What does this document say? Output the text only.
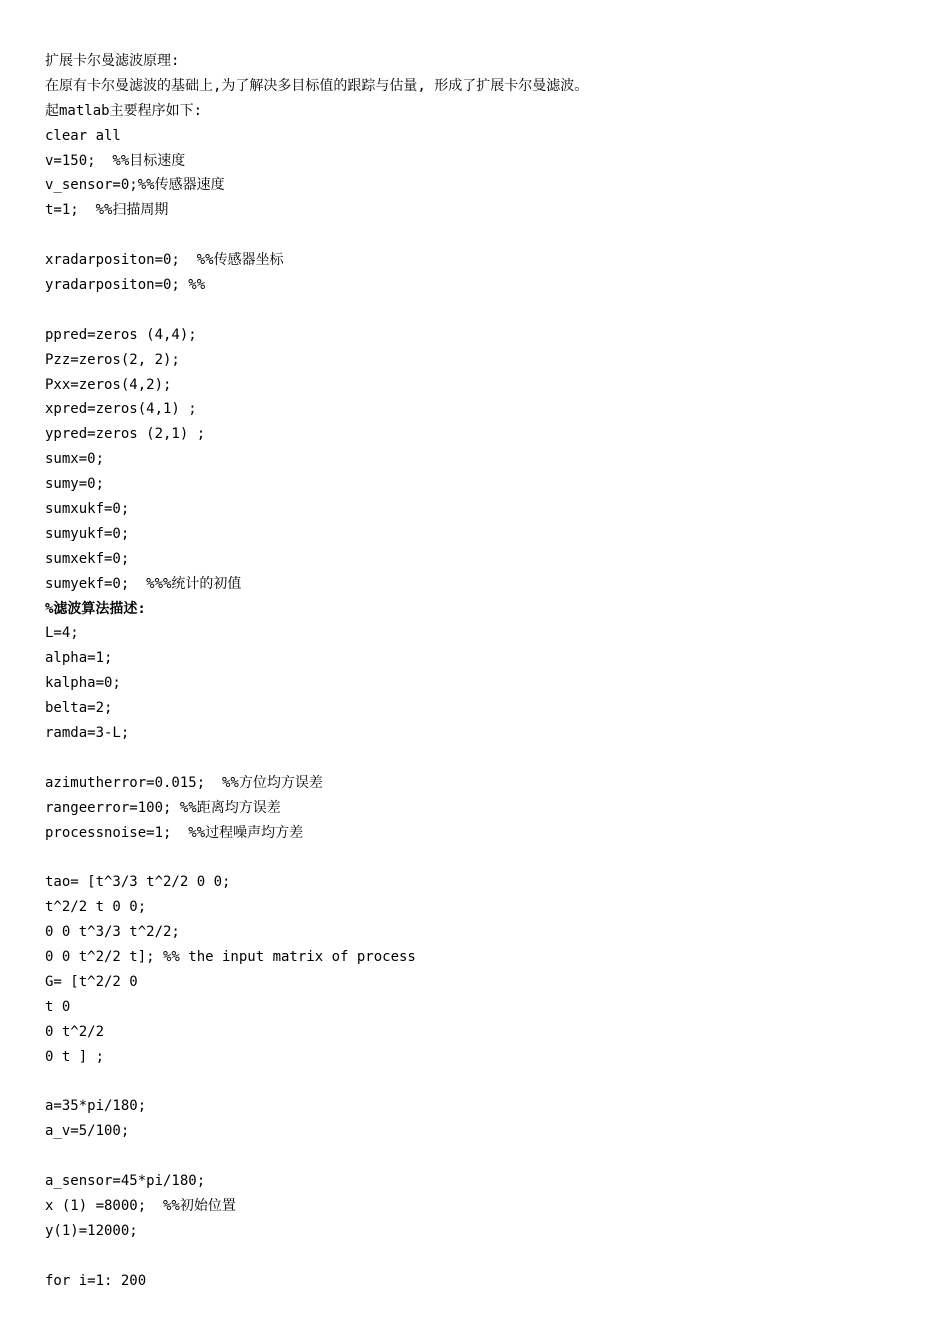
扩展卡尔曼滤波原理:
在原有卡尔曼滤波的基础上,为了解决多目标值的跟踪与估量, 形成了扩展卡尔曼滤波。
起matlab主要程序如下:
clear all
v=150;  %%目标速度
v_sensor=0;%%传感器速度
t=1;  %%扫描周期
xradarpositon=0;  %%传感器坐标
yradarpositon=0; %%
ppred=zeros (4,4);
Pzz=zeros(2, 2);
Pxx=zeros(4,2);
xpred=zeros(4,1) ;
ypred=zeros (2,1) ;
sumx=0;
sumy=0;
sumxukf=0;
sumyukf=0;
sumxekf=0;
sumyekf=0;  %%%统计的初值
%滤波算法描述:
L=4;
alpha=1;
kalpha=0;
belta=2;
ramda=3-L;
azimutherror=0.015;  %%方位均方误差
rangeerror=100; %%距离均方误差
processnoise=1;  %%过程噪声均方差
tao= [t^3/3 t^2/2 0 0;
t^2/2 t 0 0;
0 0 t^3/3 t^2/2;
0 0 t^2/2 t]; %% the input matrix of process
G= [t^2/2 0
t 0
0 t^2/2
0 t ] ;
a=35*pi/180;
a_v=5/100;
a_sensor=45*pi/180;
x (1) =8000;  %%初始位置
y(1)=12000;
for i=1: 200
